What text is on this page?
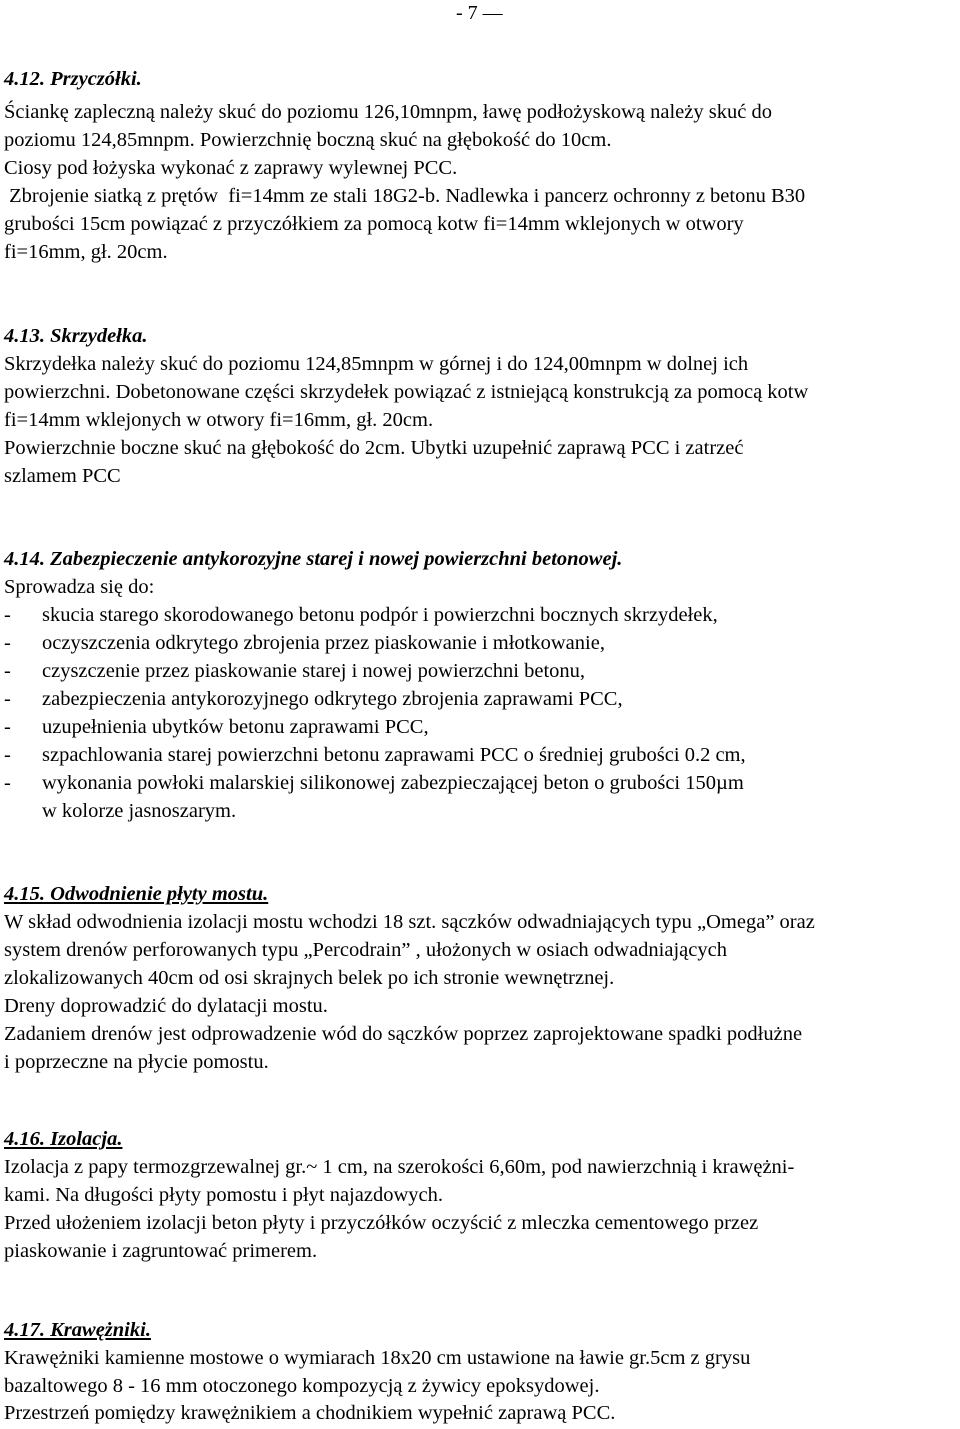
- 7 —
4.12. Przyczółki.
Ściankę zapleczną należy skuć do poziomu 126,10mnpm, ławę podłożyskową należy skuć do
poziomu 124,85mnpm. Powierzchnię boczną skuć na głębokość do 10cm.
Ciosy pod łożyska wykonać z zaprawy wylewnej PCC.
Zbrojenie siatką z prętów  fi=14mm ze stali 18G2-b. Nadlewka i pancerz ochronny z betonu B30
grubości 15cm powiązać z przyczółkiem za pomocą kotw fi=14mm wklejonych w otwory
fi=16mm, gł. 20cm.
4.13. Skrzydełka.
Skrzydełka należy skuć do poziomu 124,85mnpm w górnej i do 124,00mnpm w dolnej ich
powierzchni. Dobetonowane części skrzydełek powiązać z istniejącą konstrukcją za pomocą kotw
fi=14mm wklejonych w otwory fi=16mm, gł. 20cm.
Powierzchnie boczne skuć na głębokość do 2cm. Ubytki uzupełnić zaprawą PCC i zatrzeć
szlamem PCC
4.14. Zabezpieczenie antykorozyjne starej i nowej powierzchni betonowej.
Sprowadza się do:
- skucia starego skorodowanego betonu podpór i powierzchni bocznych skrzydełek,
- oczyszczenia odkrytego zbrojenia przez piaskowanie i młotkowanie,
- czyszczenie przez piaskowanie starej i nowej powierzchni betonu,
- zabezpieczenia antykorozyjnego odkrytego zbrojenia zaprawami PCC,
- uzupełnienia ubytków betonu zaprawami PCC,
- szpachlowania starej powierzchni betonu zaprawami PCC o średniej grubości 0.2 cm,
- wykonania powłoki malarskiej silikonowej zabezpieczającej beton o grubości 150µm
w kolorze jasnoszarym.
4.15. Odwodnienie płyty mostu.
W skład odwodnienia izolacji mostu wchodzi 18 szt. sączków odwadniających typu „Omega” oraz
system drenów perforowanych typu „Percodrain” , ułożonych w osiach odwadniających
zlokalizowanych 40cm od osi skrajnych belek po ich stronie wewnętrznej.
Dreny doprowadzić do dylatacji mostu.
Zadaniem drenów jest odprowadzenie wód do sączków poprzez zaprojektowane spadki podłużne
i poprzeczne na płycie pomostu.
4.16. Izolacja.
Izolacja z papy termozgrzewalnej gr.~ 1 cm, na szerokości 6,60m, pod nawierzchnią i krawężni-
kami. Na długości płyty pomostu i płyt najazdowych.
Przed ułożeniem izolacji beton płyty i przyczółków oczyścić z mleczka cementowego przez
piaskowanie i zagruntować primerem.
4.17. Krawężniki.
Krawężniki kamienne mostowe o wymiarach 18x20 cm ustawione na ławie gr.5cm z grysu
bazaltowego 8 - 16 mm otoczonego kompozycją z żywicy epoksydowej.
Przestrzeń pomiędzy krawężnikiem a chodnikiem wypełnić zaprawą PCC.
